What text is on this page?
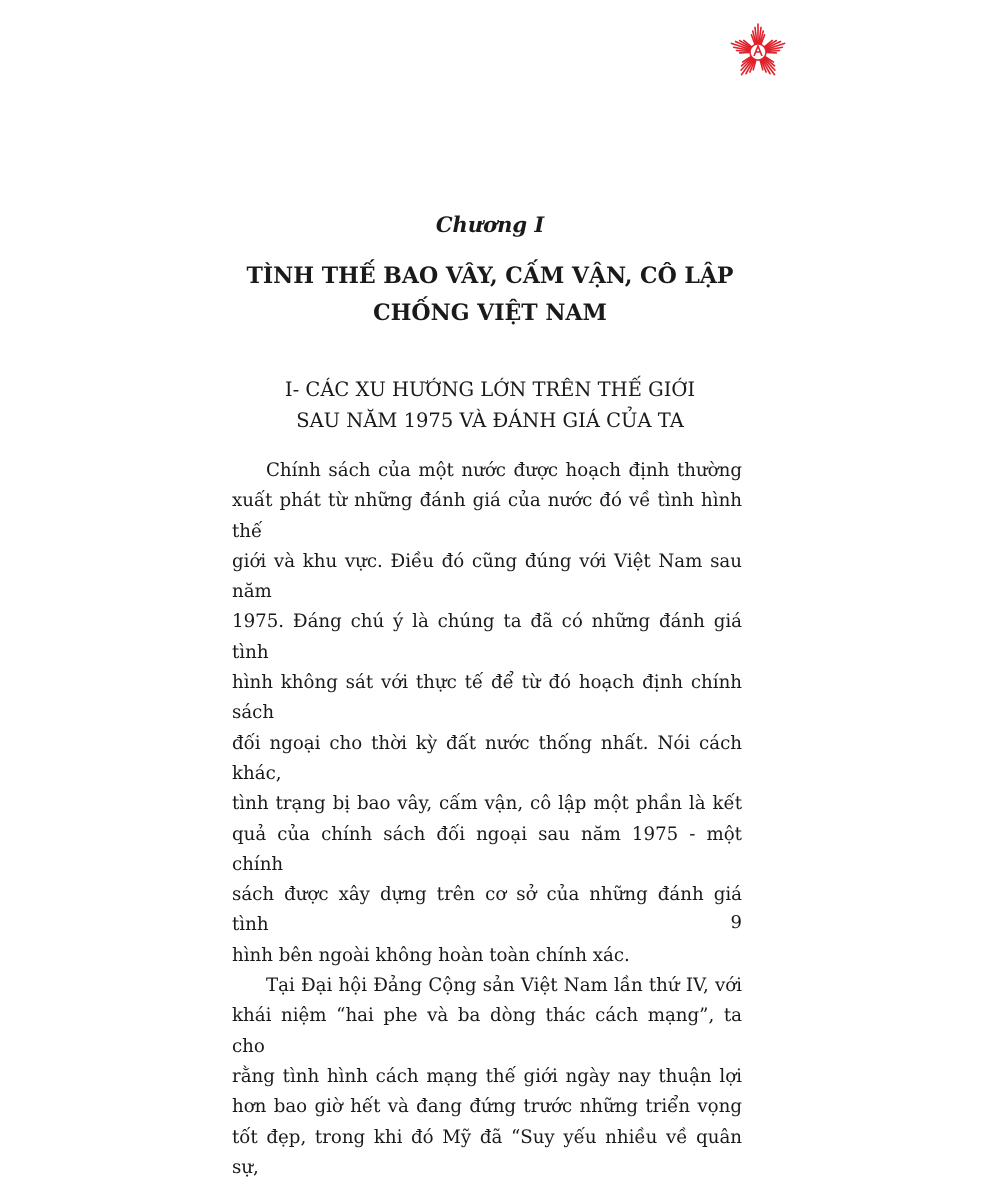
Chương I
TÌNH THẾ BAO VÂY, CẤM VẬN, CÔ LẬP
CHỐNG VIỆT NAM
I- CÁC XU HƯỚNG LỚN TRÊN THẾ GIỚI
SAU NĂM 1975 VÀ ĐÁNH GIÁ CỦA TA
Chính sách của một nước được hoạch định thường
xuất phát từ những đánh giá của nước đó về tình hình thế
giới và khu vực. Điều đó cũng đúng với Việt Nam sau năm
1975. Đáng chú ý là chúng ta đã có những đánh giá tình
hình không sát với thực tế để từ đó hoạch định chính sách
đối ngoại cho thời kỳ đất nước thống nhất. Nói cách khác,
tình trạng bị bao vây, cấm vận, cô lập một phần là kết
quả của chính sách đối ngoại sau năm 1975 - một chính
sách được xây dựng trên cơ sở của những đánh giá tình
hình bên ngoài không hoàn toàn chính xác.
Tại Đại hội Đảng Cộng sản Việt Nam lần thứ IV, với
khái niệm “hai phe và ba dòng thác cách mạng”, ta cho
rằng tình hình cách mạng thế giới ngày nay thuận lợi
hơn bao giờ hết và đang đứng trước những triển vọng
tốt đẹp, trong khi đó Mỹ đã “Suy yếu nhiều về quân sự,
9
